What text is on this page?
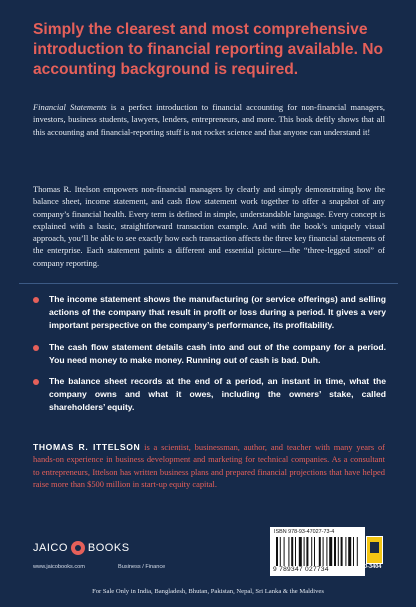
Simply the clearest and most comprehensive introduction to financial reporting available. No accounting background is required.
Financial Statements is a perfect introduction to financial accounting for non-financial managers, investors, business students, lawyers, lenders, entrepreneurs, and more. This book deftly shows that all this accounting and financial-reporting stuff is not rocket science and that anyone can understand it!
Thomas R. Ittelson empowers non-financial managers by clearly and simply demonstrating how the balance sheet, income statement, and cash flow statement work together to offer a snapshot of any company’s financial health. Every term is defined in simple, understandable language. Every concept is explained with a basic, straightforward transaction example. And with the book’s uniquely visual approach, you’ll be able to see exactly how each transaction affects the three key financial statements of the enterprise. Each statement paints a different and essential picture—the “three-legged stool” of company reporting.
The income statement shows the manufacturing (or service offerings) and selling actions of the company that result in profit or loss during a period. It gives a very important perspective on the company’s performance, its profitability.
The cash flow statement details cash into and out of the company for a period. You need money to make money. Running out of cash is bad. Duh.
The balance sheet records at the end of a period, an instant in time, what the company owns and what it owes, including the owners’ stake, called shareholders’ equity.
THOMAS R. ITTELSON is a scientist, businessman, author, and teacher with many years of hands-on experience in business development and marketing for technical companies. As a consultant to entrepreneurs, Ittelson has written business plans and prepared financial projections that have helped raise more than $500 million in start-up equity capital.
JAICO BOOKS
www.jaicobooks.com	Business / Finance
ISBN 978-93-47027-73-4
9 789347 027734	J-3404
For Sale Only in India, Bangladesh, Bhutan, Pakistan, Nepal, Sri Lanka & the Maldives
